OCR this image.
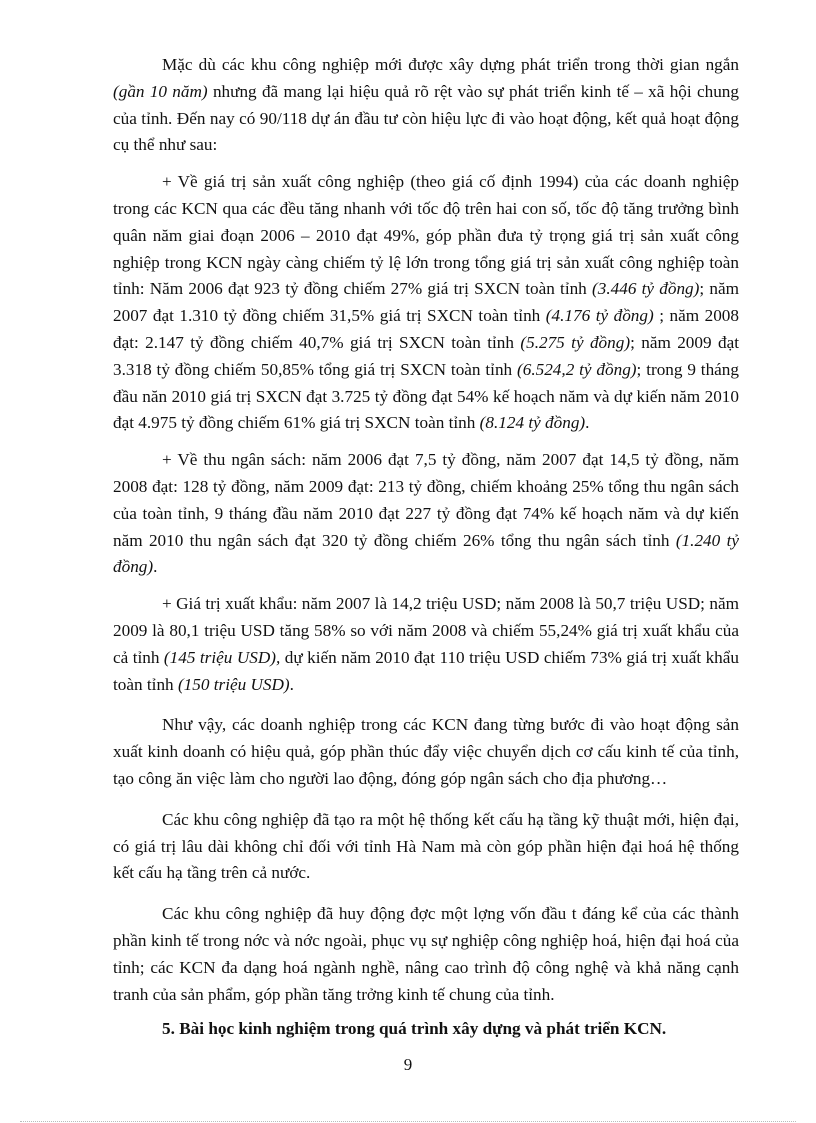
Mặc dù các khu công nghiệp mới được xây dựng phát triển trong thời gian ngắn (gần 10 năm) nhưng đã mang lại hiệu quả rõ rệt vào sự phát triển kinh tế – xã hội chung của tỉnh. Đến nay có 90/118 dự án đầu tư còn hiệu lực đi vào hoạt động, kết quả hoạt động cụ thể như sau:

+ Về giá trị sản xuất công nghiệp (theo giá cố định 1994) của các doanh nghiệp trong các KCN qua các đều tăng nhanh với tốc độ trên hai con số, tốc độ tăng trưởng bình quân năm giai đoạn 2006 – 2010 đạt 49%, góp phần đưa tỷ trọng giá trị sản xuất công nghiệp trong KCN ngày càng chiếm tỷ lệ lớn trong tổng giá trị sản xuất công nghiệp toàn tỉnh: Năm 2006 đạt 923 tỷ đồng chiếm 27% giá trị SXCN toàn tỉnh (3.446 tỷ đồng); năm 2007 đạt 1.310 tỷ đồng chiếm 31,5% giá trị SXCN toàn tỉnh (4.176 tỷ đồng) ; năm 2008 đạt: 2.147 tỷ đồng chiếm 40,7% giá trị SXCN toàn tỉnh (5.275 tỷ đồng); năm 2009 đạt 3.318 tỷ đồng chiếm 50,85% tổng giá trị SXCN toàn tỉnh (6.524,2 tỷ đồng); trong 9 tháng đầu năn 2010 giá trị SXCN đạt 3.725 tỷ đồng đạt 54% kế hoạch năm và dự kiến năm 2010 đạt 4.975 tỷ đồng chiếm 61% giá trị SXCN toàn tỉnh (8.124 tỷ đồng).

+ Về thu ngân sách: năm 2006 đạt 7,5 tỷ đồng, năm 2007 đạt 14,5 tỷ đồng, năm 2008 đạt: 128 tỷ đồng, năm 2009 đạt: 213 tỷ đồng, chiếm khoảng 25% tổng thu ngân sách của toàn tỉnh, 9 tháng đầu năm 2010 đạt 227 tỷ đồng đạt 74% kế hoạch năm và dự kiến năm 2010 thu ngân sách đạt 320 tỷ đồng chiếm 26% tổng thu ngân sách tỉnh (1.240 tỷ đồng).

+ Giá trị xuất khẩu: năm 2007 là 14,2 triệu USD; năm 2008 là 50,7 triệu USD; năm 2009 là 80,1 triệu USD tăng 58% so với năm 2008 và chiếm 55,24% giá trị xuất khẩu của cả tỉnh (145 triệu USD), dự kiến năm 2010 đạt 110 triệu USD chiếm 73% giá trị xuất khẩu toàn tỉnh (150 triệu USD).

Như vậy, các doanh nghiệp trong các KCN đang từng bước đi vào hoạt động sản xuất kinh doanh có hiệu quả, góp phần thúc đẩy việc chuyển dịch cơ cấu kinh tế của tỉnh, tạo công ăn việc làm cho người lao động, đóng góp ngân sách cho địa phương…

Các khu công nghiệp đã tạo ra một hệ thống kết cấu hạ tầng kỹ thuật mới, hiện đại, có giá trị lâu dài không chỉ đối với tỉnh Hà Nam mà còn góp phần hiện đại hoá hệ thống kết cấu hạ tầng trên cả nước.

Các khu công nghiệp đã huy động đợc một lợng vốn đầu t đáng kể của các thành phần kinh tế trong nớc và nớc ngoài, phục vụ sự nghiệp công nghiệp hoá, hiện đại hoá của tỉnh; các KCN đa dạng hoá ngành nghề, nâng cao trình độ công nghệ và khả năng cạnh tranh của sản phẩm, góp phần tăng trởng kinh tế chung của tỉnh.

5. Bài học kinh nghiệm trong quá trình xây dựng và phát triển KCN.

9
